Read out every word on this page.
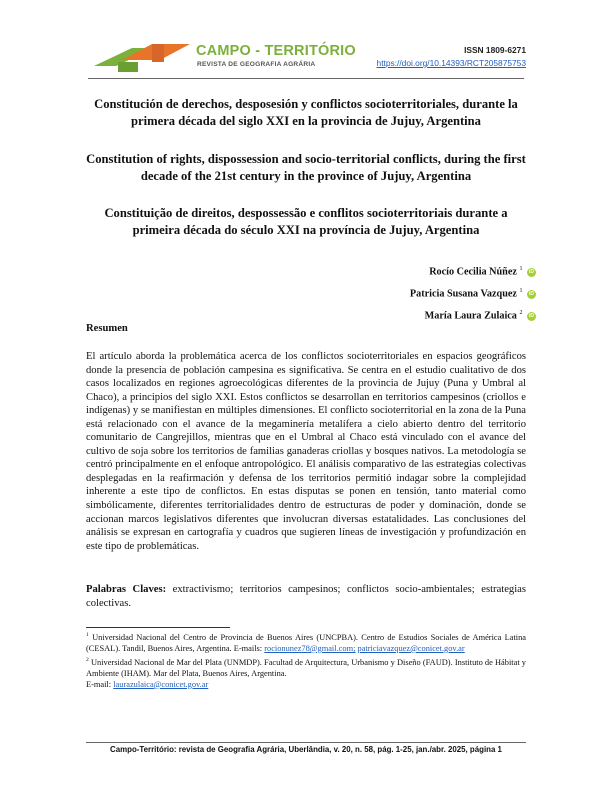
CAMPO - TERRITÓRIO

REVISTA DE GEOGRAFIA AGRÁRIA

ISSN 1809-6271
https://doi.org/10.14393/RCT205875753
Constitución de derechos, desposesión y conflictos socioterritoriales, durante la primera década del siglo XXI en la provincia de Jujuy, Argentina
Constitution of rights, dispossession and socio-territorial conflicts, during the first decade of the 21st century in the province of Jujuy, Argentina
Constituição de direitos, despossessão e conflitos socioterritoriais durante a primeira década do século XXI na província de Jujuy, Argentina
Rocío Cecilia Núñez $^1$ iD
Patricia Susana Vazquez $^1$ iD
María Laura Zulaica $^2$ iD
Resumen

El artículo aborda la problemática acerca de los conflictos socioterritoriales en espacios geográficos donde la presencia de población campesina es significativa. Se centra en el estudio cualitativo de dos casos localizados en regiones agroecológicas diferentes de la provincia de Jujuy (Puna y Umbral al Chaco), a principios del siglo XXI. Estos conflictos se desarrollan en territorios campesinos (criollos e indígenas) y se manifiestan en múltiples dimensiones. El conflicto socioterritorial en la zona de la Puna está relacionado con el avance de la megaminería metalífera a cielo abierto dentro del territorio comunitario de Cangrejillos, mientras que en el Umbral al Chaco está vinculado con el avance del cultivo de soja sobre los territorios de familias ganaderas criollas y bosques nativos. La metodología se centró principalmente en el enfoque antropológico. El análisis comparativo de las estrategias colectivas desplegadas en la reafirmación y defensa de los territorios permitió indagar sobre la complejidad inherente a este tipo de conflictos. En estas disputas se ponen en tensión, tanto material como simbólicamente, diferentes territorialidades dentro de estructuras de poder y dominación, donde se accionan marcos legislativos diferentes que involucran diversas estatalidades. Las conclusiones del análisis se expresan en cartografía y cuadros que sugieren líneas de investigación y profundización en este tipo de problemáticas.

Palabras Claves: extractivismo; territorios campesinos; conflictos socio-ambientales; estrategias colectivas.

$^1$ Universidad Nacional del Centro de Provincia de Buenos Aires (UNCPBA). Centro de Estudios Sociales de América Latina (CESAL). Tandil, Buenos Aires, Argentina. E-mails: rocionunez78@gmail.com; patriciavazquez@conicet.gov.ar

$^2$ Universidad Nacional de Mar del Plata (UNMDP). Facultad de Arquitectura, Urbanismo y Diseño (FAUD). Instituto de Hábitat y Ambiente (IHAM). Mar del Plata, Buenos Aires, Argentina.
E-mail: laurazulaica@conicet.gov.ar

Campo-Território: revista de Geografia Agrária, Uberlândia, v. 20, n. 58, pág. 1-25, jan./abr. 2025, página 1
